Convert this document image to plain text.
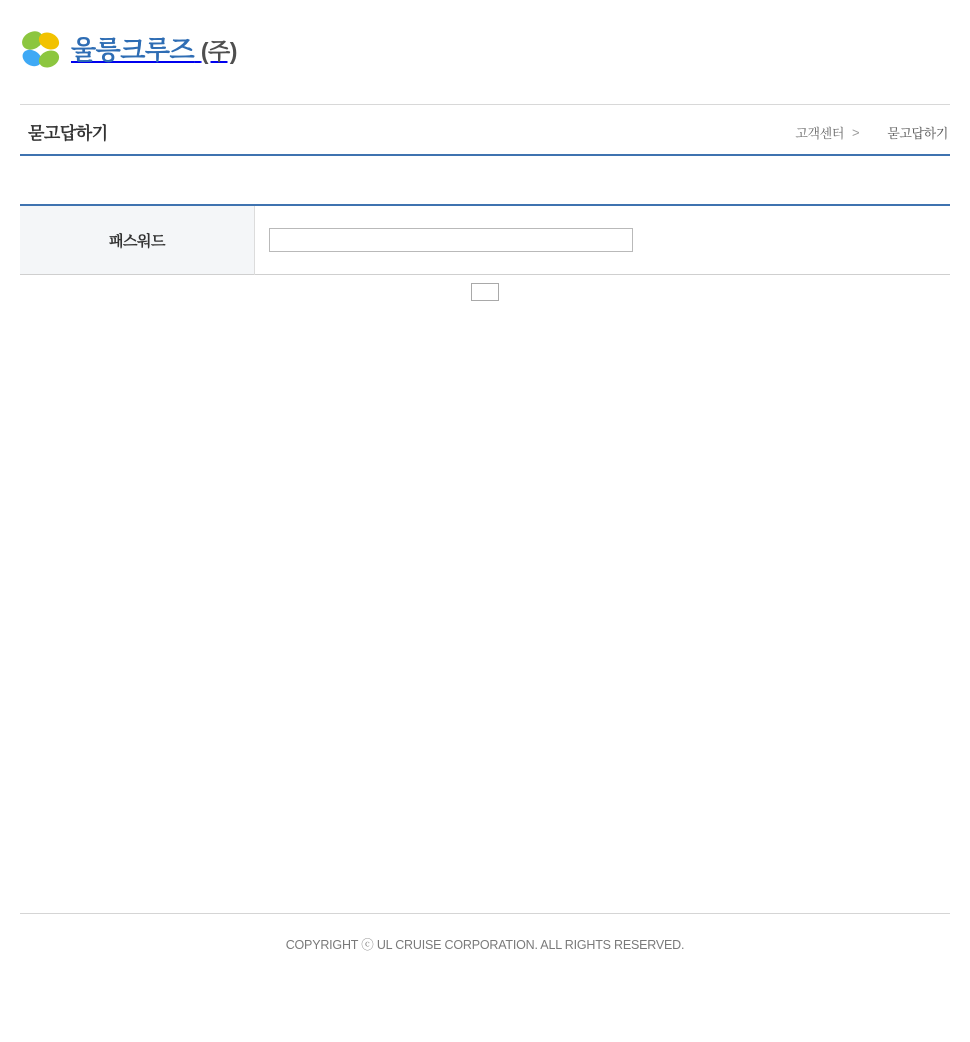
울릉크루즈 (주)
묻고답하기	고객센터 >	묻고답하기
패스워드	
COPYRIGHT ⓒ UL CRUISE CORPORATION. ALL RIGHTS RESERVED.
